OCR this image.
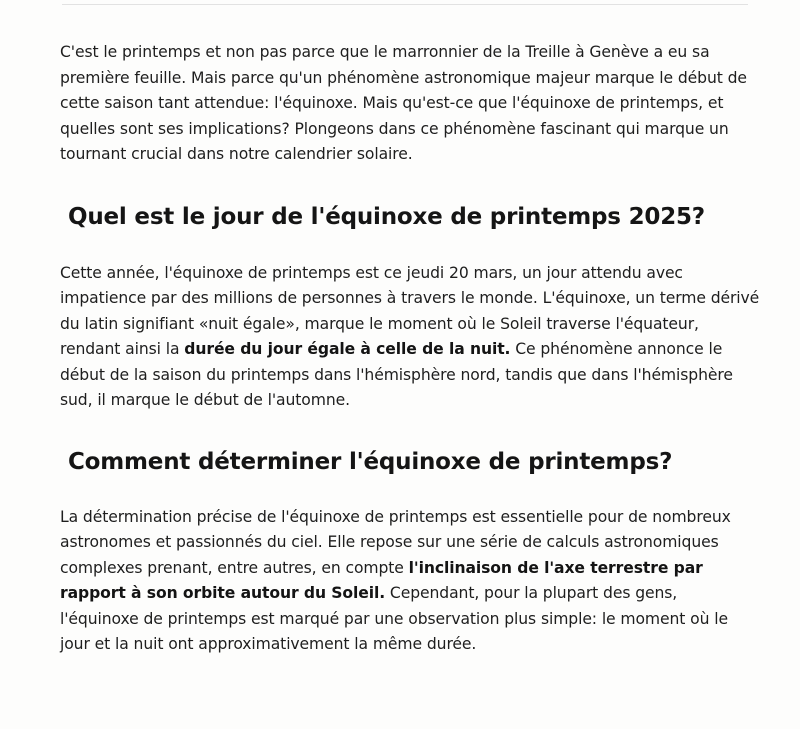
C'est le printemps et non pas parce que le marronnier de la Treille à Genève a eu sa première feuille. Mais parce qu'un phénomène astronomique majeur marque le début de cette saison tant attendue: l'équinoxe. Mais qu'est-ce que l'équinoxe de printemps, et quelles sont ses implications? Plongeons dans ce phénomène fascinant qui marque un tournant crucial dans notre calendrier solaire.

Quel est le jour de l'équinoxe de printemps 2025?

Cette année, l'équinoxe de printemps est ce jeudi 20 mars, un jour attendu avec impatience par des millions de personnes à travers le monde. L'équinoxe, un terme dérivé du latin signifiant «nuit égale», marque le moment où le Soleil traverse l'équateur, rendant ainsi la durée du jour égale à celle de la nuit. Ce phénomène annonce le début de la saison du printemps dans l'hémisphère nord, tandis que dans l'hémisphère sud, il marque le début de l'automne.

Comment déterminer l'équinoxe de printemps?

La détermination précise de l'équinoxe de printemps est essentielle pour de nombreux astronomes et passionnés du ciel. Elle repose sur une série de calculs astronomiques complexes prenant, entre autres, en compte l'inclinaison de l'axe terrestre par rapport à son orbite autour du Soleil. Cependant, pour la plupart des gens, l'équinoxe de printemps est marqué par une observation plus simple: le moment où le jour et la nuit ont approximativement la même durée.
